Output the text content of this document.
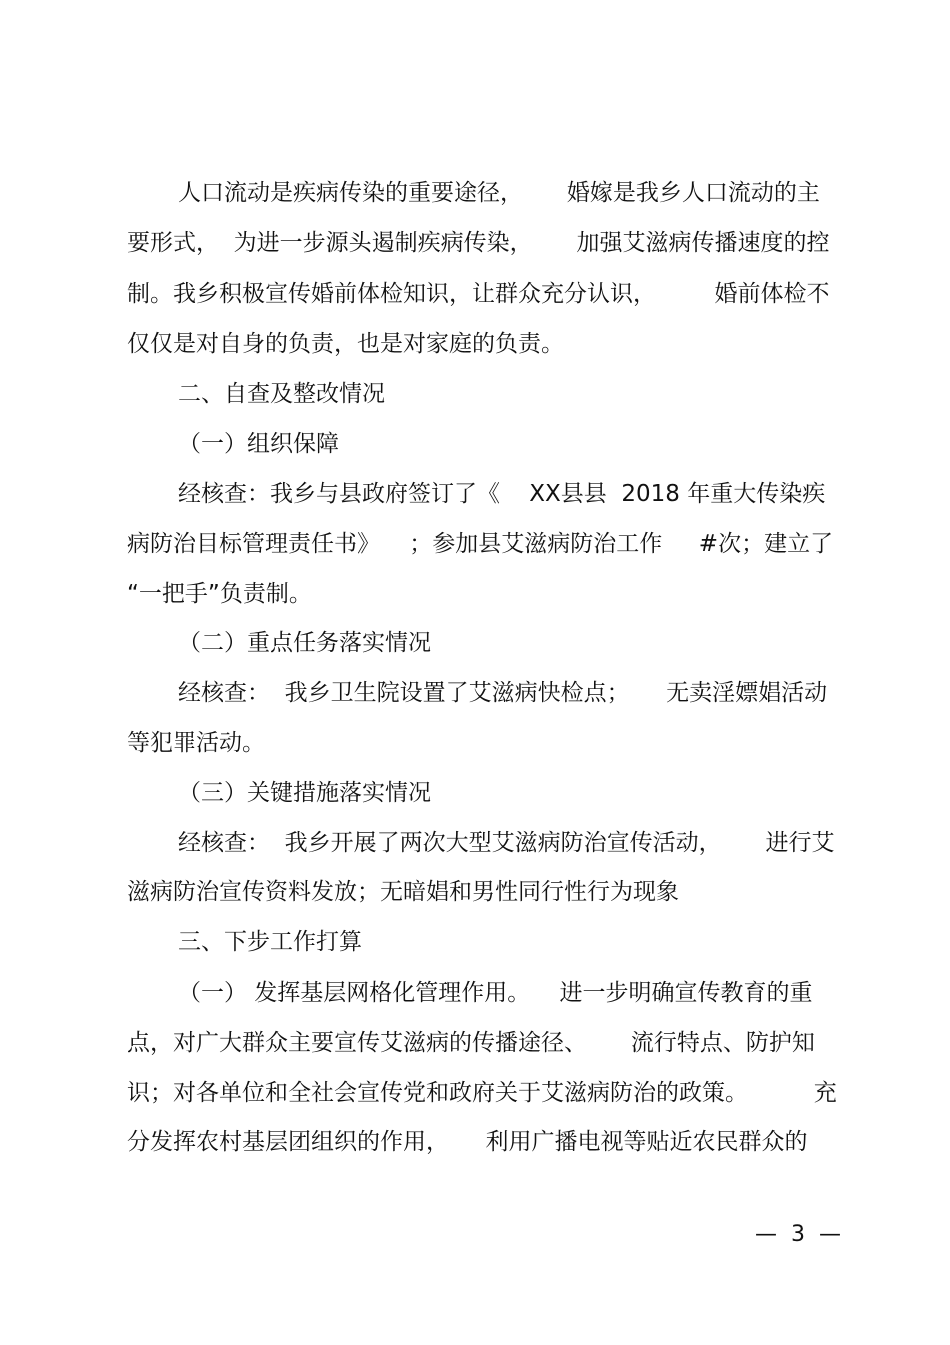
人口流动是疾病传染的重要途径，      婚嫁是我乡人口流动的主
要形式，  为进一步源头遏制疾病传染，      加强艾滋病传播速度的控
制。我乡积极宣传婚前体检知识，让群众充分认识，        婚前体检不
仅仅是对自身的负责，也是对家庭的负责。
二、自查及整改情况
（一）组织保障
经核查：我乡与县政府签订了《    XX县县  2018 年重大传染疾
病防治目标管理责任书》    ；参加县艾滋病防治工作     #次；建立了
“一把手”负责制。
（二）重点任务落实情况
经核查：  我乡卫生院设置了艾滋病快检点；     无卖淫嫖娼活动
等犯罪活动。
（三）关键措施落实情况
经核查：  我乡开展了两次大型艾滋病防治宣传活动，      进行艾
滋病防治宣传资料发放；无暗娼和男性同行性行为现象
三、下步工作打算
（一） 发挥基层网格化管理作用。    进一步明确宣传教育的重
点，对广大群众主要宣传艾滋病的传播途径、      流行特点、防护知
识；对各单位和全社会宣传党和政府关于艾滋病防治的政策。         充
分发挥农村基层团组织的作用，     利用广播电视等贴近农民群众的
—  3  —
